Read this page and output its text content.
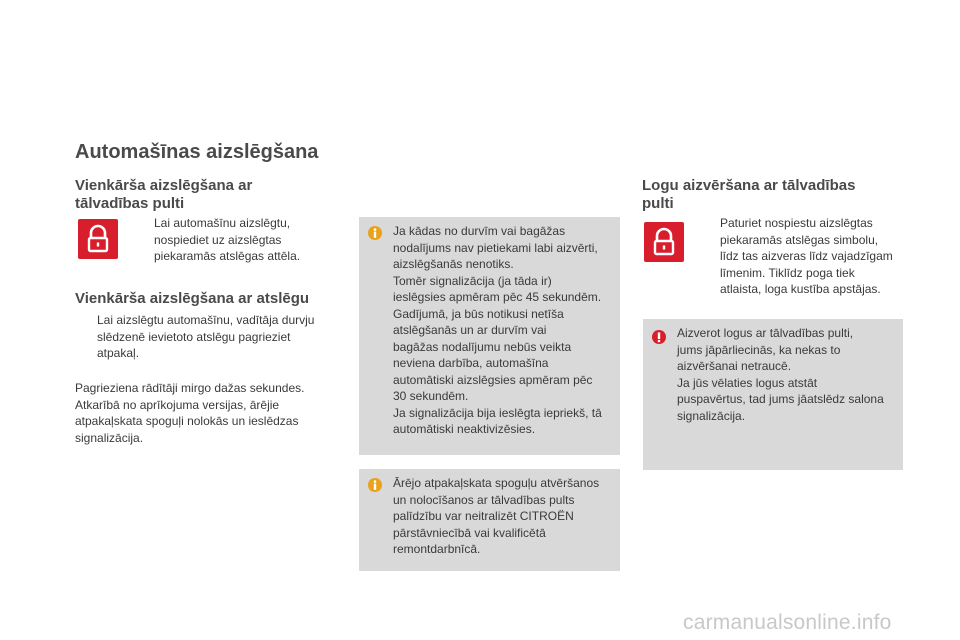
Automašīnas aizslēgšana
Vienkārša aizslēgšana ar
tālvadības pulti
Lai automašīnu aizslēgtu,
nospiediet uz aizslēgtas
piekaramās atslēgas attēla.
Vienkārša aizslēgšana ar atslēgu
Lai aizslēgtu automašīnu, vadītāja durvju
slēdzenē ievietoto atslēgu pagrieziet
atpakaļ.
Pagrieziena rādītāji mirgo dažas sekundes.
Atkarībā no aprīkojuma versijas, ārējie
atpakaļskata spoguļi nolokās un ieslēdzas
signalizācija.
Ja kādas no durvīm vai bagāžas
nodalījums nav pietiekami labi aizvērti,
aizslēgšanās nenotiks.
Tomēr signalizācija (ja tāda ir)
ieslēgsies apmēram pēc 45 sekundēm.
Gadījumā, ja būs notikusi netīša
atslēgšanās un ar durvīm vai
bagāžas nodalījumu nebūs veikta
neviena darbība, automašīna
automātiski aizslēgsies apmēram pēc
30 sekundēm.
Ja signalizācija bija ieslēgta iepriekš, tā
automātiski neaktivizēsies.
Ārējo atpakaļskata spoguļu atvēršanos
un nolocīšanos ar tālvadības pults
palīdzību var neitralizēt CITROËN
pārstāvniecībā vai kvalificētā
remontdarbnīcā.
Logu aizvēršana ar tālvadības
pulti
Paturiet nospiestu aizslēgtas
piekaramās atslēgas simbolu,
līdz tas aizveras līdz vajadzīgam
līmenim. Tiklīdz poga tiek
atlaista, loga kustība apstājas.
Aizverot logus ar tālvadības pulti,
jums jāpārliecinās, ka nekas to
aizvēršanai netraucē.
Ja jūs vēlaties logus atstāt
puspavērtus, tad jums jāatslēdz salona
signalizācija.
carmanualsonline.info
